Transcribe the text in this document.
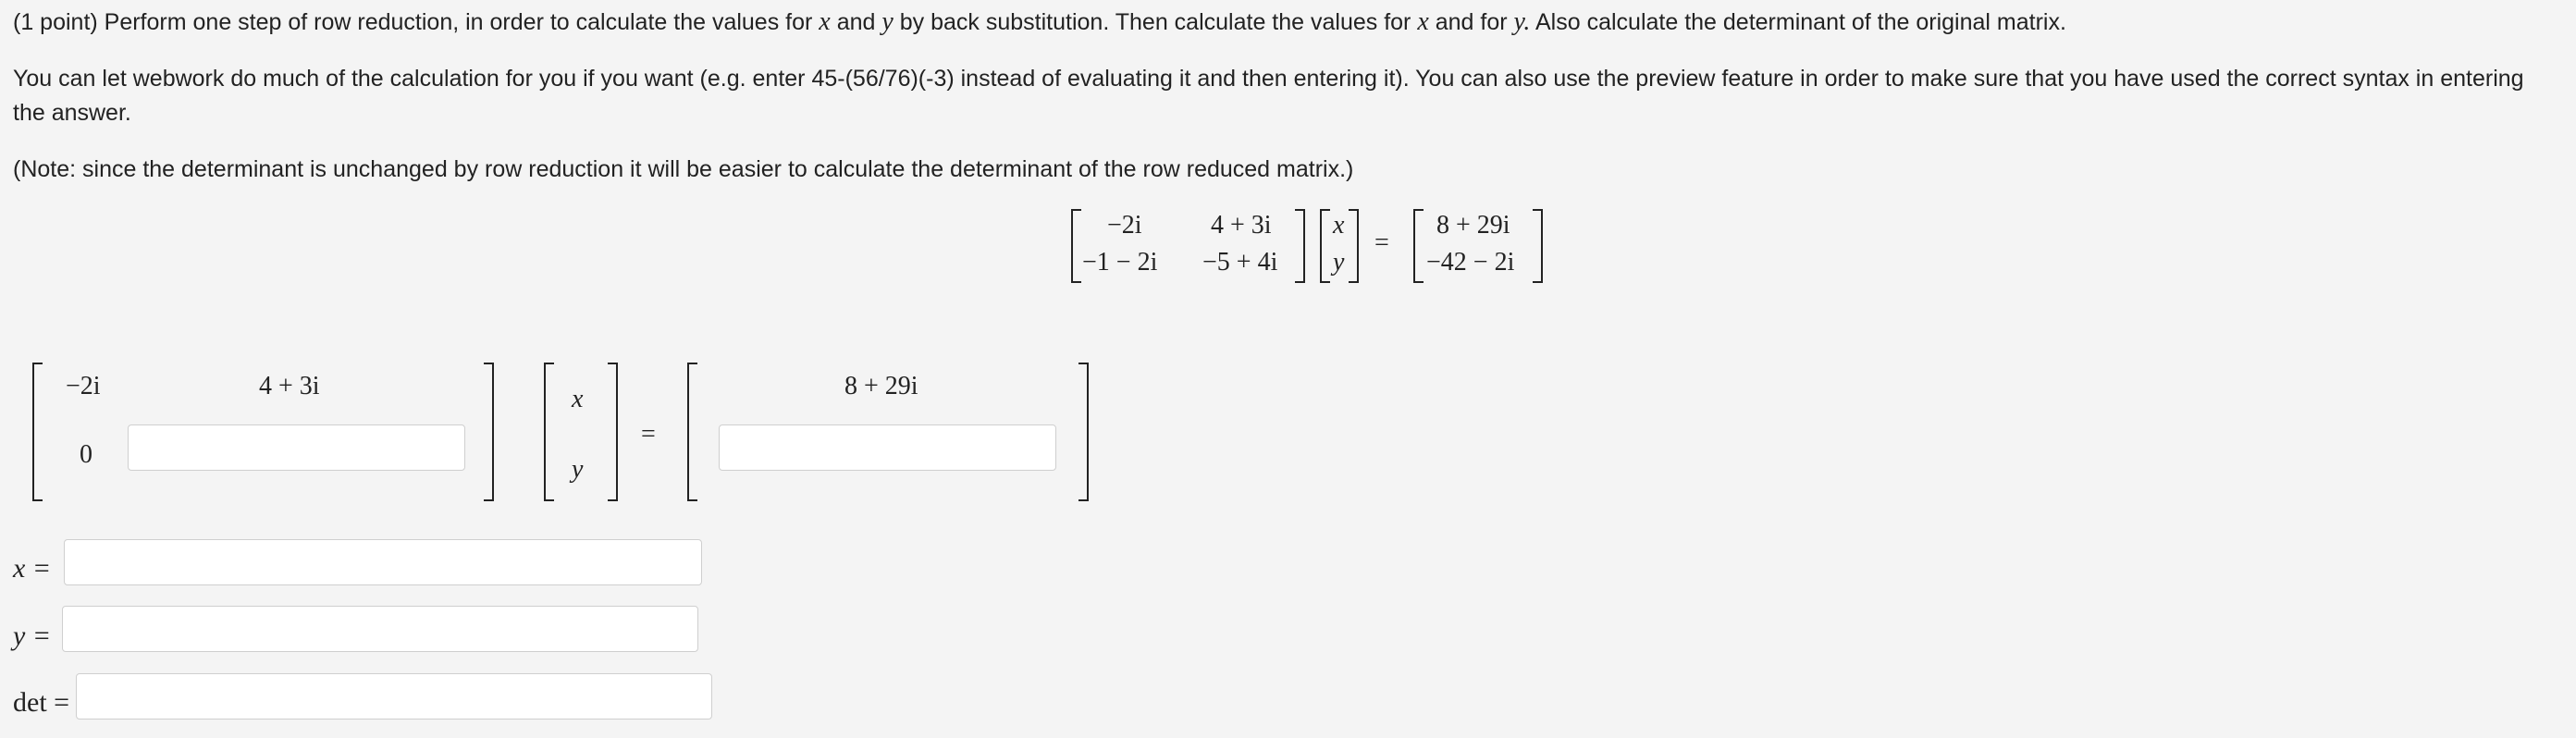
(1 point) Perform one step of row reduction, in order to calculate the values for x and y by back substitution. Then calculate the values for x and for y. Also calculate the determinant of the original matrix.

You can let webwork do much of the calculation for you if you want (e.g. enter 45-(56/76)(-3) instead of evaluating it and then entering it). You can also use the preview feature in order to make sure that you have used the correct syntax in entering

the answer.

(Note: since the determinant is unchanged by row reduction it will be easier to calculate the determinant of the row reduced matrix.)

−2i	4 + 3i
−1 − 2i −5 + 4i
x
y
=
8 + 29i
−42 − 2i
−2i	4 + 3i
0
x
y
=
8 + 29i
x =
y =
det =
